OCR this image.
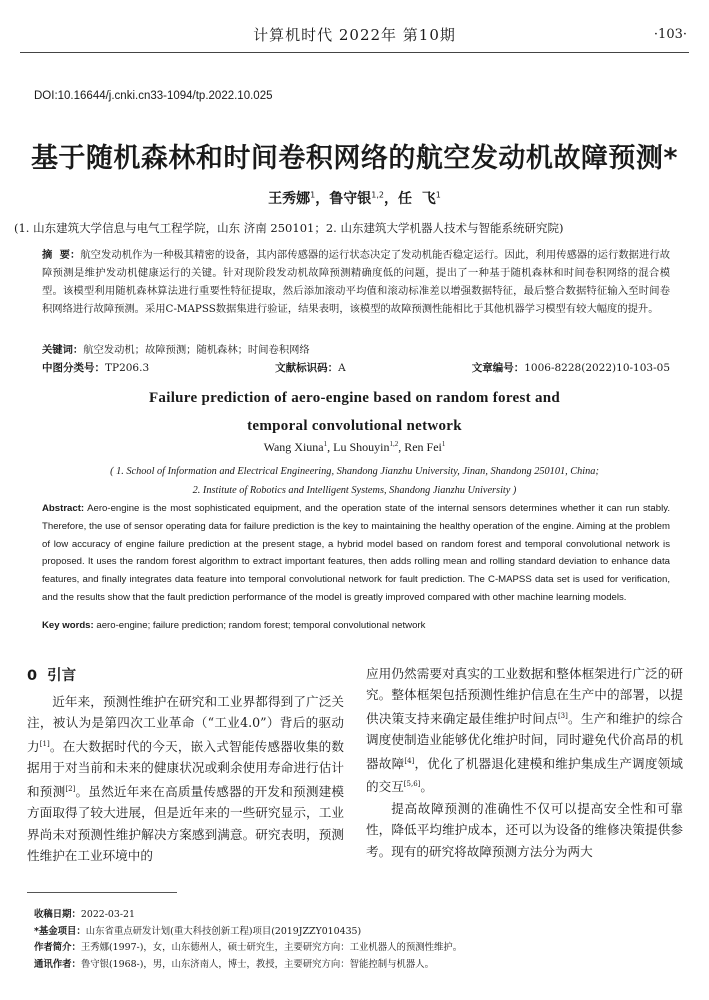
计算机时代 2022年 第10期	·103·
DOI:10.16644/j.cnki.cn33-1094/tp.2022.10.025
基于随机森林和时间卷积网络的航空发动机故障预测*
王秀娜$^1$，鲁守银$^{1,2}$，任  飞$^1$
(1. 山东建筑大学信息与电气工程学院，山东 济南 250101；2. 山东建筑大学机器人技术与智能系统研究院)
摘  要：航空发动机作为一种极其精密的设备，其内部传感器的运行状态决定了发动机能否稳定运行。因此，利用传感器的运行数据进行故障预测是维护发动机健康运行的关键。针对现阶段发动机故障预测精确度低的问题，提出了一种基于随机森林和时间卷积网络的混合模型。该模型利用随机森林算法进行重要性特征提取，然后添加滚动平均值和滚动标准差以增强数据特征，最后整合数据特征输入至时间卷积网络进行故障预测。采用C-MAPSS数据集进行验证，结果表明，该模型的故障预测性能相比于其他机器学习模型有较大幅度的提升。
关键词：航空发动机；故障预测；随机森林；时间卷积网络
中图分类号：TP206.3	文献标识码：A	文章编号：1006-8228(2022)10-103-05
Failure prediction of aero-engine based on random forest and
temporal convolutional network
Wang Xiuna$^1$, Lu Shouyin$^{1,2}$, Ren Fei$^1$
( 1. School of Information and Electrical Engineering, Shandong Jianzhu University, Jinan, Shandong 250101, China;
2. Institute of Robotics and Intelligent Systems, Shandong Jianzhu University )
Abstract: Aero-engine is the most sophisticated equipment, and the operation state of the internal sensors determines whether it can run stably. Therefore, the use of sensor operating data for failure prediction is the key to maintaining the healthy operation of the engine. Aiming at the problem of low accuracy of engine failure prediction at the present stage, a hybrid model based on random forest and temporal convolutional network is proposed. It uses the random forest algorithm to extract important features, then adds rolling mean and rolling standard deviation to enhance data features, and finally integrates data feature into temporal convolutional network for fault prediction. The C-MAPSS data set is used for verification, and the results show that the fault prediction performance of the model is greatly improved compared with other machine learning models.
Key words: aero-engine; failure prediction; random forest; temporal convolutional network
0  引言

近年来，预测性维护在研究和工业界都得到了广泛关注，被认为是第四次工业革命（“工业4.0”）背后的驱动力[1]。在大数据时代的今天，嵌入式智能传感器收集的数据用于对当前和未来的健康状况或剩余使用寿命进行估计和预测[2]。虽然近年来在高质量传感器的开发和预测建模方面取得了较大进展，但是近年来的一些研究显示，工业界尚未对预测性维护解决方案感到满意。研究表明，预测性维护在工业环境中的

应用仍然需要对真实的工业数据和整体框架进行广泛的研究。整体框架包括预测性维护信息在生产中的部署，以提供决策支持来确定最佳维护时间点[3]。生产和维护的综合调度使制造业能够优化维护时间，同时避免代价高昂的机器故障[4]，优化了机器退化建模和维护集成生产调度领域的交互[5,6]。

提高故障预测的准确性不仅可以提高安全性和可靠性，降低平均维护成本，还可以为设备的维修决策提供参考。现有的研究将故障预测方法分为两大

收稿日期：2022-03-21
*基金项目：山东省重点研发计划(重大科技创新工程)项目(2019JZZY010435)
作者简介：王秀娜(1997-)，女，山东德州人，硕士研究生，主要研究方向：工业机器人的预测性维护。
通讯作者：鲁守银(1968-)，男，山东济南人，博士，教授，主要研究方向：智能控制与机器人。
